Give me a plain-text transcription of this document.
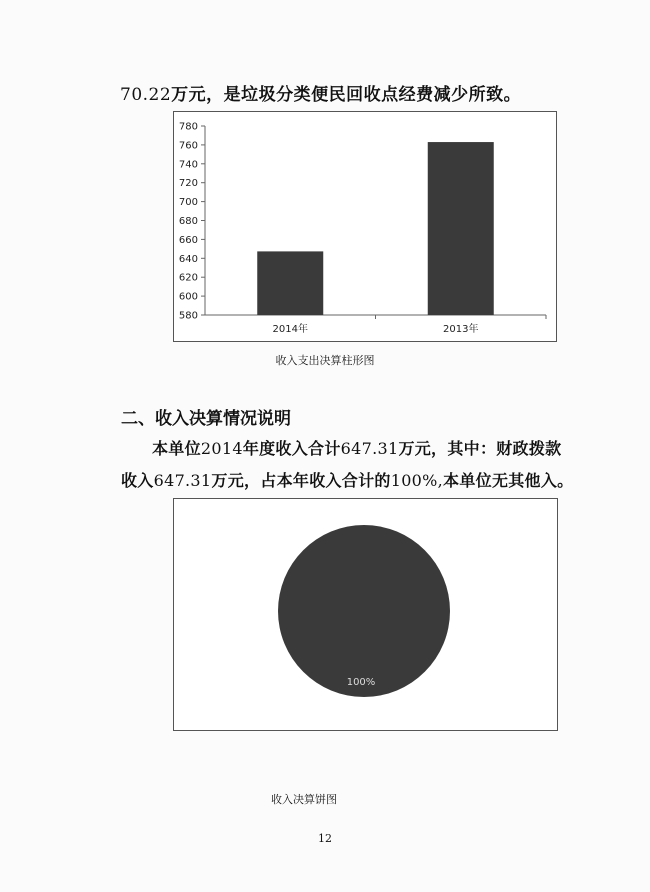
70.22万元，是垃圾分类便民回收点经费减少所致。
580
600
620
640
660
680
700
720
740
760
780
2014年	2013年
收入支出决算柱形图
二、收入决算情况说明
本单位2014年度收入合计647.31万元，其中：财政拨款
收入647.31万元，占本年收入合计的100%,本单位无其他入。
100%
收入决算饼图
12
